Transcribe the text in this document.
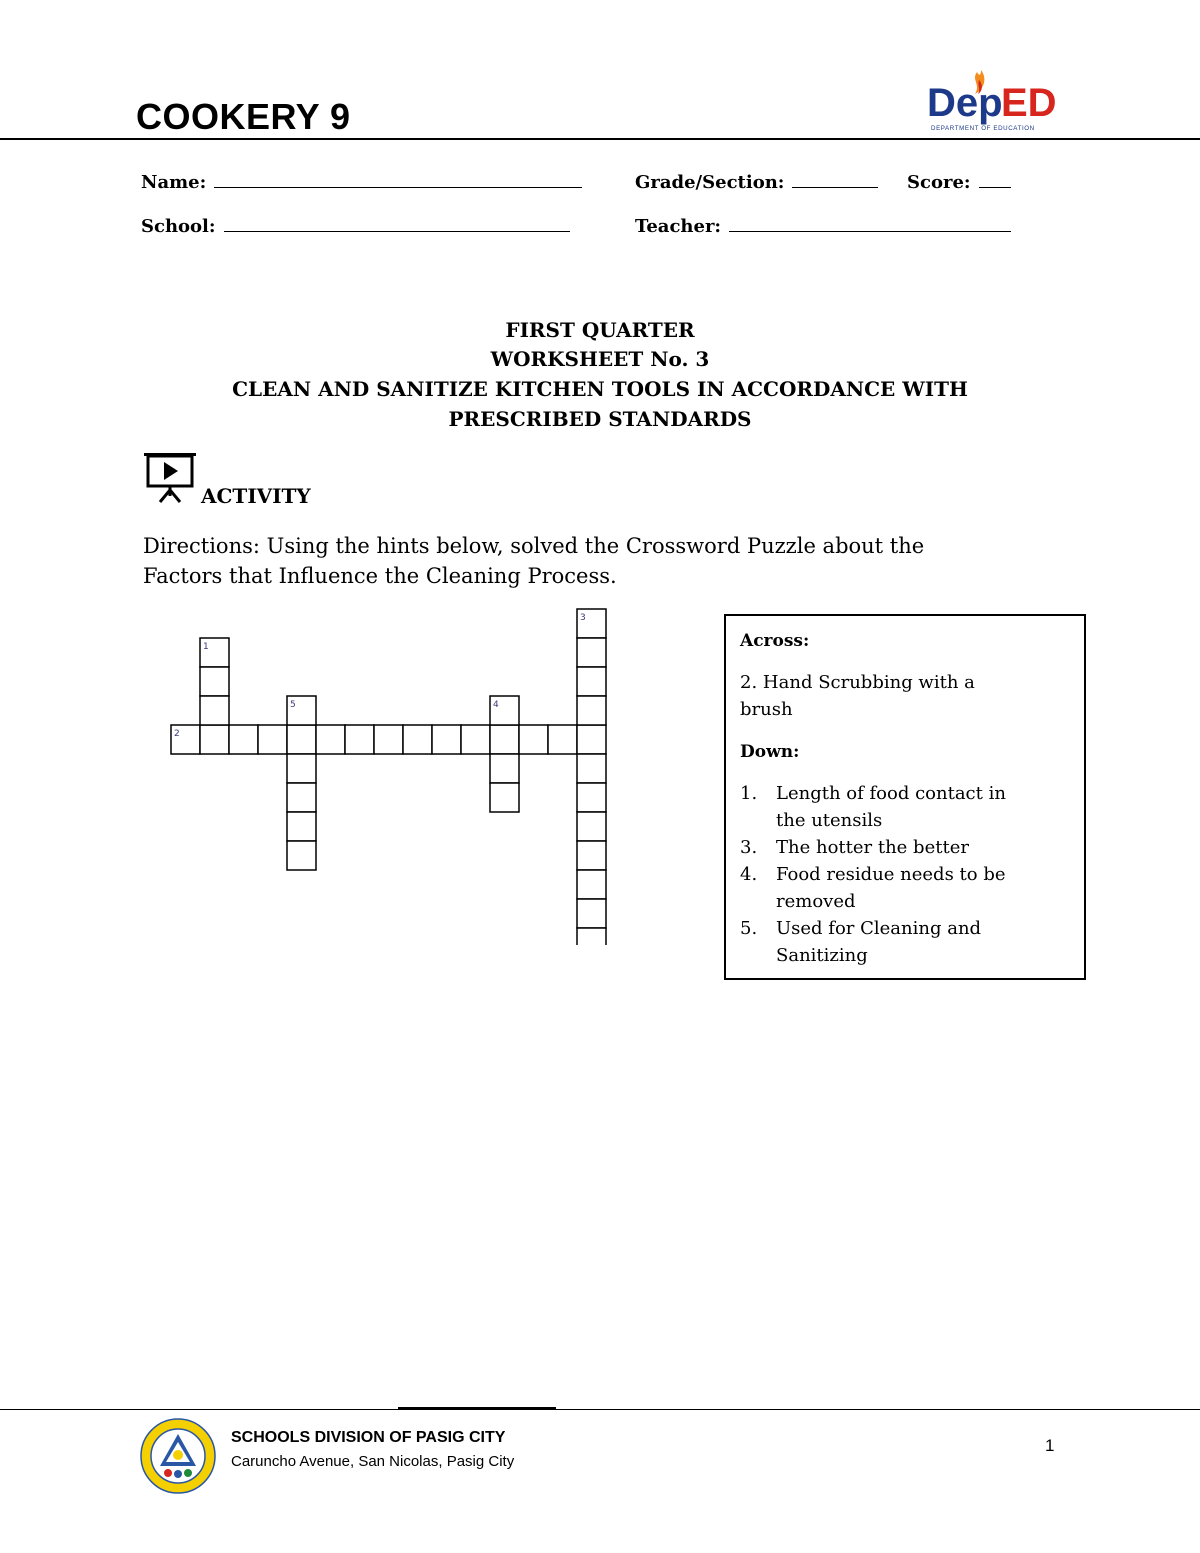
COOKERY 9	Dep
ED
DEPARTMENT OF EDUCATION
Name:	Grade/Section:	Score:
School:	Teacher:
FIRST QUARTER
WORKSHEET No. 3
CLEAN AND SANITIZE KITCHEN TOOLS IN ACCORDANCE WITH
PRESCRIBED STANDARDS
ACTIVITY
Directions: Using the hints below, solved the Crossword Puzzle about the
Factors that Influence the Cleaning Process.
1
2
3
4
5
Across:
2. Hand Scrubbing with a
brush
Down:
1.	Length of food contact in
the utensils
3.	The hotter the better
4.	Food residue needs to be
removed
5.	Used for Cleaning and
Sanitizing
SCHOOLS DIVISION OF PASIG CITY
Caruncho Avenue, San Nicolas, Pasig City
1
